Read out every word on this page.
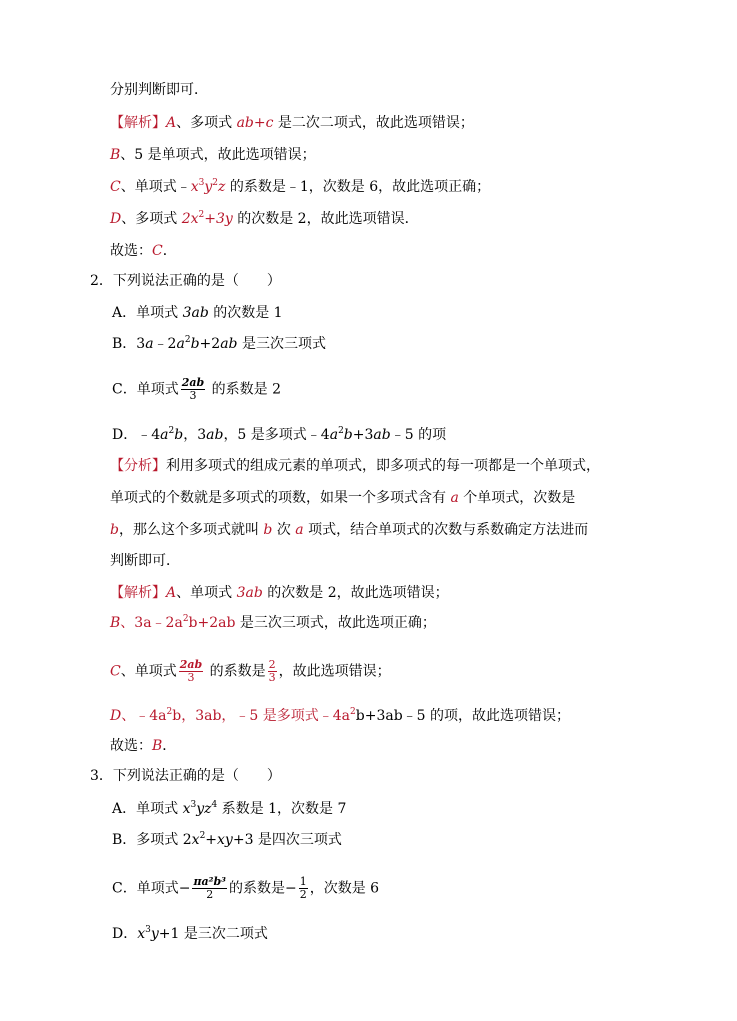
分别判断即可．
【解析】A、多项式 ab+c 是二次二项式，故此选项错误；
B、5 是单项式，故此选项错误；
C、单项式$﹣x^3y^2z$ 的系数是﹣1，次数是 6，故此选项正确；
D、多项式 $2x^2+3y$ 的次数是 2，故此选项错误．
故选：C．
2．下列说法正确的是（　　）
A．单项式 3ab 的次数是 1
B．$3a﹣2a^2b+2ab$ 是三次三项式
C．单项式 $\frac{2ab}{3}$ 的系数是 2
D．$﹣4a^2b$，3ab，5 是多项式$﹣4a^2b+3ab﹣5$ 的项
【分析】利用多项式的组成元素的单项式，即多项式的每一项都是一个单项式，
单项式的个数就是多项式的项数，如果一个多项式含有 a 个单项式，次数是
b，那么这个多项式就叫 b 次 a 项式，结合单项式的次数与系数确定方法进而
判断即可．
【解析】A、单项式 3ab 的次数是 2，故此选项错误；
B、$3a﹣2a^2b+2ab$ 是三次三项式，故此选项正确；
C、单项式 $\frac{2ab}{3}$ 的系数是 $\frac{2}{3}$ ，故此选项错误；
D、$﹣4a^2b$，3ab，﹣5 是多项式$﹣4a^2b+3ab﹣5$ 的项，故此选项错误；
故选：B．
3．下列说法正确的是（　　）
A．单项式 $x^3yz^4$ 系数是 1，次数是 7
B．多项式 $2x^2+xy+3$ 是四次三项式
C．单项式− $\frac{\text{πa²b³}}{2}$ 的系数是− $\frac{1}{2}$ ，次数是 6
D．$x^3y+1$ 是三次二项式
